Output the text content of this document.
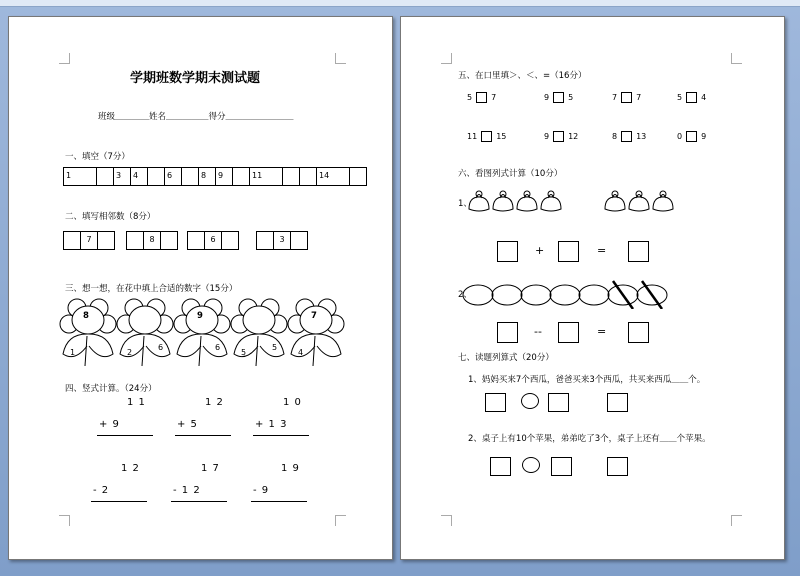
学期班数学期末测试题
班级＿＿＿＿姓名＿＿＿＿＿得分＿＿＿＿＿＿＿＿
一、填空（7分）
1	3	4	6	8	9	11	14
二、填写相邻数（8分）
7	8	6	3
三、想一想，在花中填上合适的数字（15分）
8
1	2
6
9
6
5
5
7
4
四、竖式计算。（24分）
1 1
+ 9
1 2
+ 5
1 0
+ 1 3
1 2
- 2
1 7
- 1 2
1 9
- 9
五、在口里填＞、＜、=（16分）
5 7	9 5	7 7	5 4
11 15	9 12	8 13	0 9
六、看图列式计算（10分）
1、
+	=
2、
--	=
七、读题列算式（20分）
1、妈妈买来7个西瓜，爸爸买来3个西瓜，共买来西瓜＿＿个。
2、桌子上有10个苹果，弟弟吃了3个，桌子上还有＿＿个苹果。
